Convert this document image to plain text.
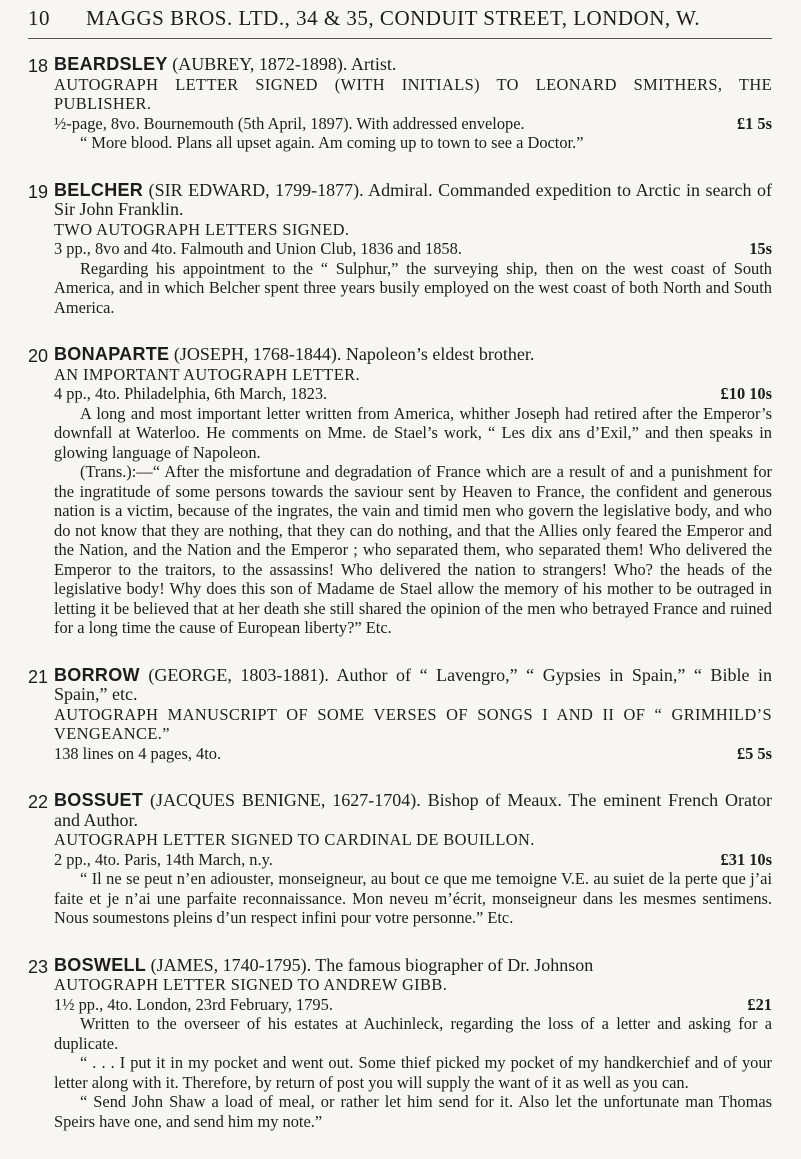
10 MAGGS BROS. LTD., 34 & 35, CONDUIT STREET, LONDON, W.
18 BEARDSLEY (AUBREY, 1872-1898). Artist.
AUTOGRAPH LETTER SIGNED (WITH INITIALS) TO LEONARD SMITHERS, THE PUBLISHER.
½-page, 8vo. Bournemouth (5th April, 1897). With addressed envelope.	£1 5s
“ More blood. Plans all upset again. Am coming up to town to see a Doctor.”
19 BELCHER (SIR EDWARD, 1799-1877). Admiral. Commanded expedition to Arctic in search of Sir John Franklin.
TWO AUTOGRAPH LETTERS SIGNED.
3 pp., 8vo and 4to. Falmouth and Union Club, 1836 and 1858.	15s
Regarding his appointment to the “ Sulphur,” the surveying ship, then on the west coast of South America, and in which Belcher spent three years busily employed on the west coast of both North and South America.
20 BONAPARTE (JOSEPH, 1768-1844). Napoleon’s eldest brother.
AN IMPORTANT AUTOGRAPH LETTER.
4 pp., 4to. Philadelphia, 6th March, 1823.	£10 10s
A long and most important letter written from America, whither Joseph had retired after the Emperor’s downfall at Waterloo. He comments on Mme. de Stael’s work, “ Les dix ans d’Exil,” and then speaks in glowing language of Napoleon.
(Trans.):—“ After the misfortune and degradation of France which are a result of and a punishment for the ingratitude of some persons towards the saviour sent by Heaven to France, the confident and generous nation is a victim, because of the ingrates, the vain and timid men who govern the legislative body, and who do not know that they are nothing, that they can do nothing, and that the Allies only feared the Emperor and the Nation, and the Nation and the Emperor ; who separated them, who separated them! Who delivered the Emperor to the traitors, to the assassins! Who delivered the nation to strangers! Who? the heads of the legislative body! Why does this son of Madame de Stael allow the memory of his mother to be outraged in letting it be believed that at her death she still shared the opinion of the men who betrayed France and ruined for a long time the cause of European liberty?” Etc.
21 BORROW (GEORGE, 1803-1881). Author of “ Lavengro,” “ Gypsies in Spain,” “ Bible in Spain,” etc.
AUTOGRAPH MANUSCRIPT OF SOME VERSES OF SONGS I AND II OF “ GRIMHILD’S VENGEANCE.”
138 lines on 4 pages, 4to.	£5 5s
22 BOSSUET (JACQUES BENIGNE, 1627-1704). Bishop of Meaux. The eminent French Orator and Author.
AUTOGRAPH LETTER SIGNED TO CARDINAL DE BOUILLON.
2 pp., 4to. Paris, 14th March, n.y.	£31 10s
“ Il ne se peut n’en adiouster, monseigneur, au bout ce que me temoigne V.E. au suiet de la perte que j’ai faite et je n’ai une parfaite reconnaissance. Mon neveu m’écrit, monseigneur dans les mesmes sentimens. Nous soumestons pleins d’un respect infini pour votre personne.” Etc.
23 BOSWELL (JAMES, 1740-1795). The famous biographer of Dr. Johnson
AUTOGRAPH LETTER SIGNED TO ANDREW GIBB.
1½ pp., 4to. London, 23rd February, 1795.	£21
Written to the overseer of his estates at Auchinleck, regarding the loss of a letter and asking for a duplicate.
“ . . . I put it in my pocket and went out. Some thief picked my pocket of my handkerchief and of your letter along with it. Therefore, by return of post you will supply the want of it as well as you can.
“ Send John Shaw a load of meal, or rather let him send for it. Also let the unfortunate man Thomas Speirs have one, and send him my note.”
